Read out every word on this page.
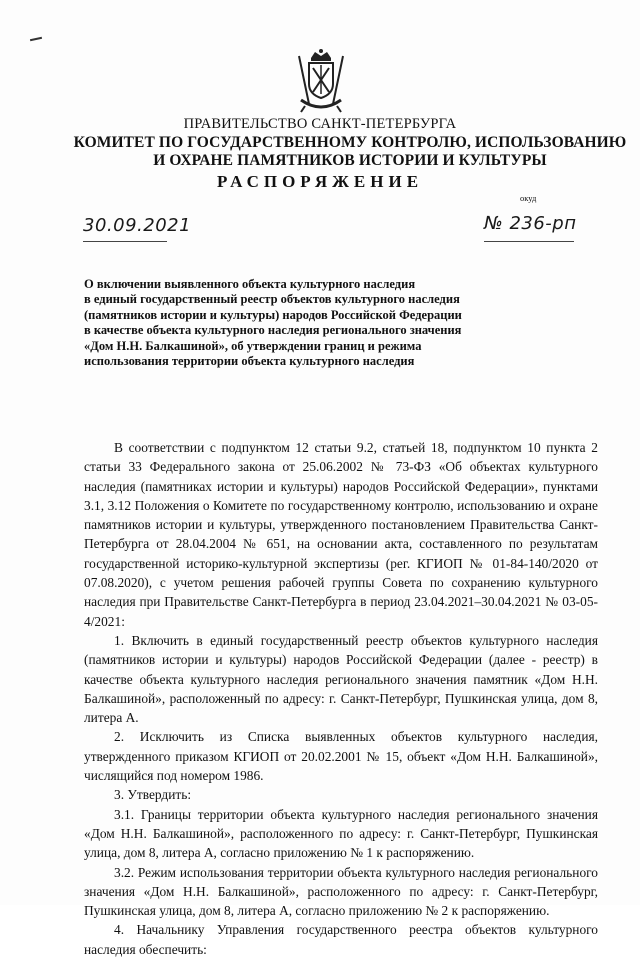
ПРАВИТЕЛЬСТВО САНКТ-ПЕТЕРБУРГА
КОМИТЕТ ПО ГОСУДАРСТВЕННОМУ КОНТРОЛЮ, ИСПОЛЬЗОВАНИЮ
И ОХРАНЕ ПАМЯТНИКОВ ИСТОРИИ И КУЛЬТУРЫ
РАСПОРЯЖЕНИЕ
окуд
30.09.2021	№ 236-рп
О включении выявленного объекта культурного наследия
в единый государственный реестр объектов культурного наследия
(памятников истории и культуры) народов Российской Федерации
в качестве объекта культурного наследия регионального значения
«Дом Н.Н. Балкашиной», об утверждении границ и режима
использования территории объекта культурного наследия

В соответствии с подпунктом 12 статьи 9.2, статьей 18, подпунктом 10 пункта 2 статьи 33 Федерального закона от 25.06.2002 № 73-ФЗ «Об объектах культурного наследия (памятниках истории и культуры) народов Российской Федерации», пунктами 3.1, 3.12 Положения о Комитете по государственному контролю, использованию и охране памятников истории и культуры, утвержденного постановлением Правительства Санкт-Петербурга от 28.04.2004 № 651, на основании акта, составленного по результатам государственной историко-культурной экспертизы (рег. КГИОП № 01-84-140/2020 от 07.08.2020), с учетом решения рабочей группы Совета по сохранению культурного наследия при Правительстве Санкт-Петербурга в период 23.04.2021–30.04.2021 № 03-05-4/2021:

1. Включить в единый государственный реестр объектов культурного наследия (памятников истории и культуры) народов Российской Федерации (далее - реестр) в качестве объекта культурного наследия регионального значения памятник «Дом Н.Н. Балкашиной», расположенный по адресу: г. Санкт-Петербург, Пушкинская улица, дом 8, литера А.

2. Исключить из Списка выявленных объектов культурного наследия, утвержденного приказом КГИОП от 20.02.2001 № 15, объект «Дом Н.Н. Балкашиной», числящийся под номером 1986.

3. Утвердить:

3.1. Границы территории объекта культурного наследия регионального значения «Дом Н.Н. Балкашиной», расположенного по адресу: г. Санкт-Петербург, Пушкинская улица, дом 8, литера А, согласно приложению № 1 к распоряжению.

3.2. Режим использования территории объекта культурного наследия регионального значения «Дом Н.Н. Балкашиной», расположенного по адресу: г. Санкт-Петербург, Пушкинская улица, дом 8, литера А, согласно приложению № 2 к распоряжению.

4. Начальнику Управления государственного реестра объектов культурного наследия обеспечить:
